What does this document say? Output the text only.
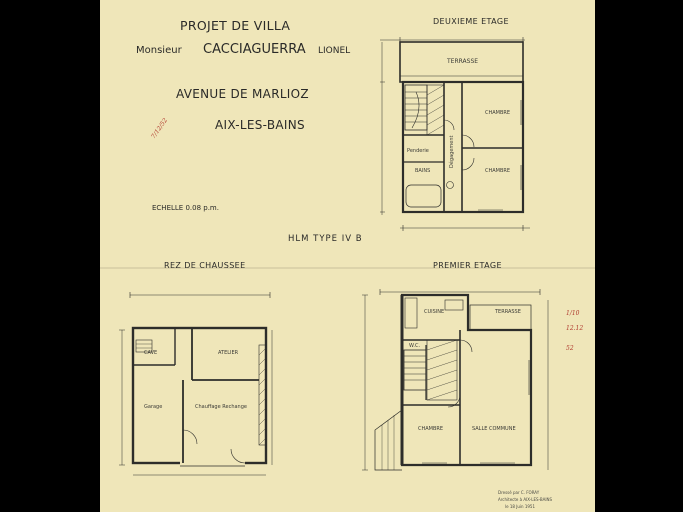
PROJET DE VILLA
Monsieur CACCIAGUERRA LIONEL
AVENUE DE MARLIOZ
AIX-LES-BAINS
ECHELLE 0.08 p.m.
HLM TYPE IV B
7/12/52
1/10
12.12
52
DEUXIEME ETAGE
REZ DE CHAUSSEE	PREMIER ETAGE
TERRASSE
CHAMBRE
CHAMBRE
Penderie
BAINS
Dégagement
CAVE	ATELIER
Garage	Chauffage Rechange
CUISINE	TERRASSE
W.C.
CHAMBRE	SALLE COMMUNE
Dressé par C. FORAY
Architecte à AIX-LES-BAINS
le 18 Juin 1951
